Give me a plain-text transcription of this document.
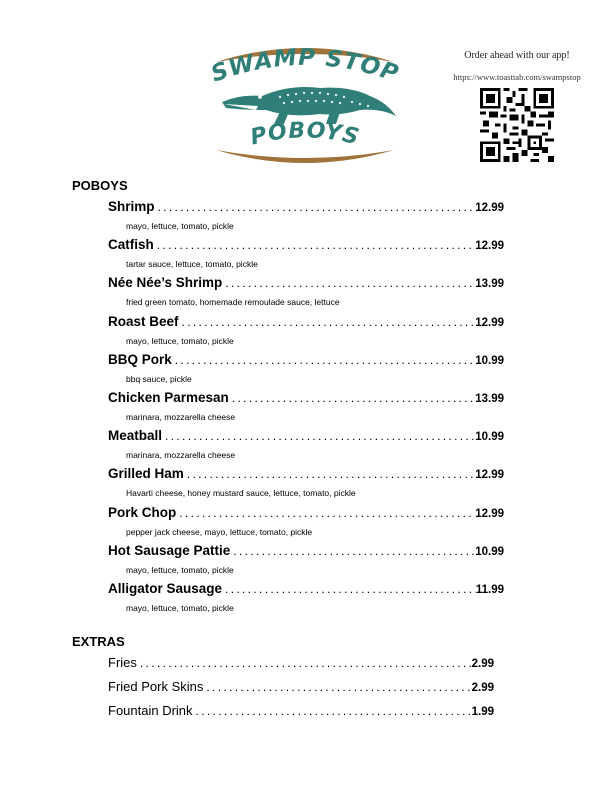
SWAMP STOP
POBOYS
Order ahead with our app!
https://www.toasttab.com/swampstop
POBOYS
Shrimp . . .	12.99
mayo, lettuce, tomato, pickle
Catfish . . .	12.99
tartar sauce, lettuce, tomato, pickle
Née Née’s Shrimp . . .	13.99
fried green tomato, homemade remoulade sauce, lettuce
Roast Beef . . .	12.99
mayo, lettuce, tomato, pickle
BBQ Pork . . .	10.99
bbq sauce, pickle
Chicken Parmesan . . .	13.99
marinara, mozzarella cheese
Meatball . . .	10.99
marinara, mozzarella cheese
Grilled Ham . . .	12.99
Havarti cheese, honey mustard sauce, lettuce, tomato, pickle
Pork Chop . . .	12.99
pepper jack cheese, mayo, lettuce, tomato, pickle
Hot Sausage Pattie . . .	10.99
mayo, lettuce, tomato, pickle
Alligator Sausage . . .	11.99
mayo, lettuce, tomato, pickle
EXTRAS
Fries . . .	2.99
Fried Pork Skins . . .	2.99
Fountain Drink . . .	1.99
